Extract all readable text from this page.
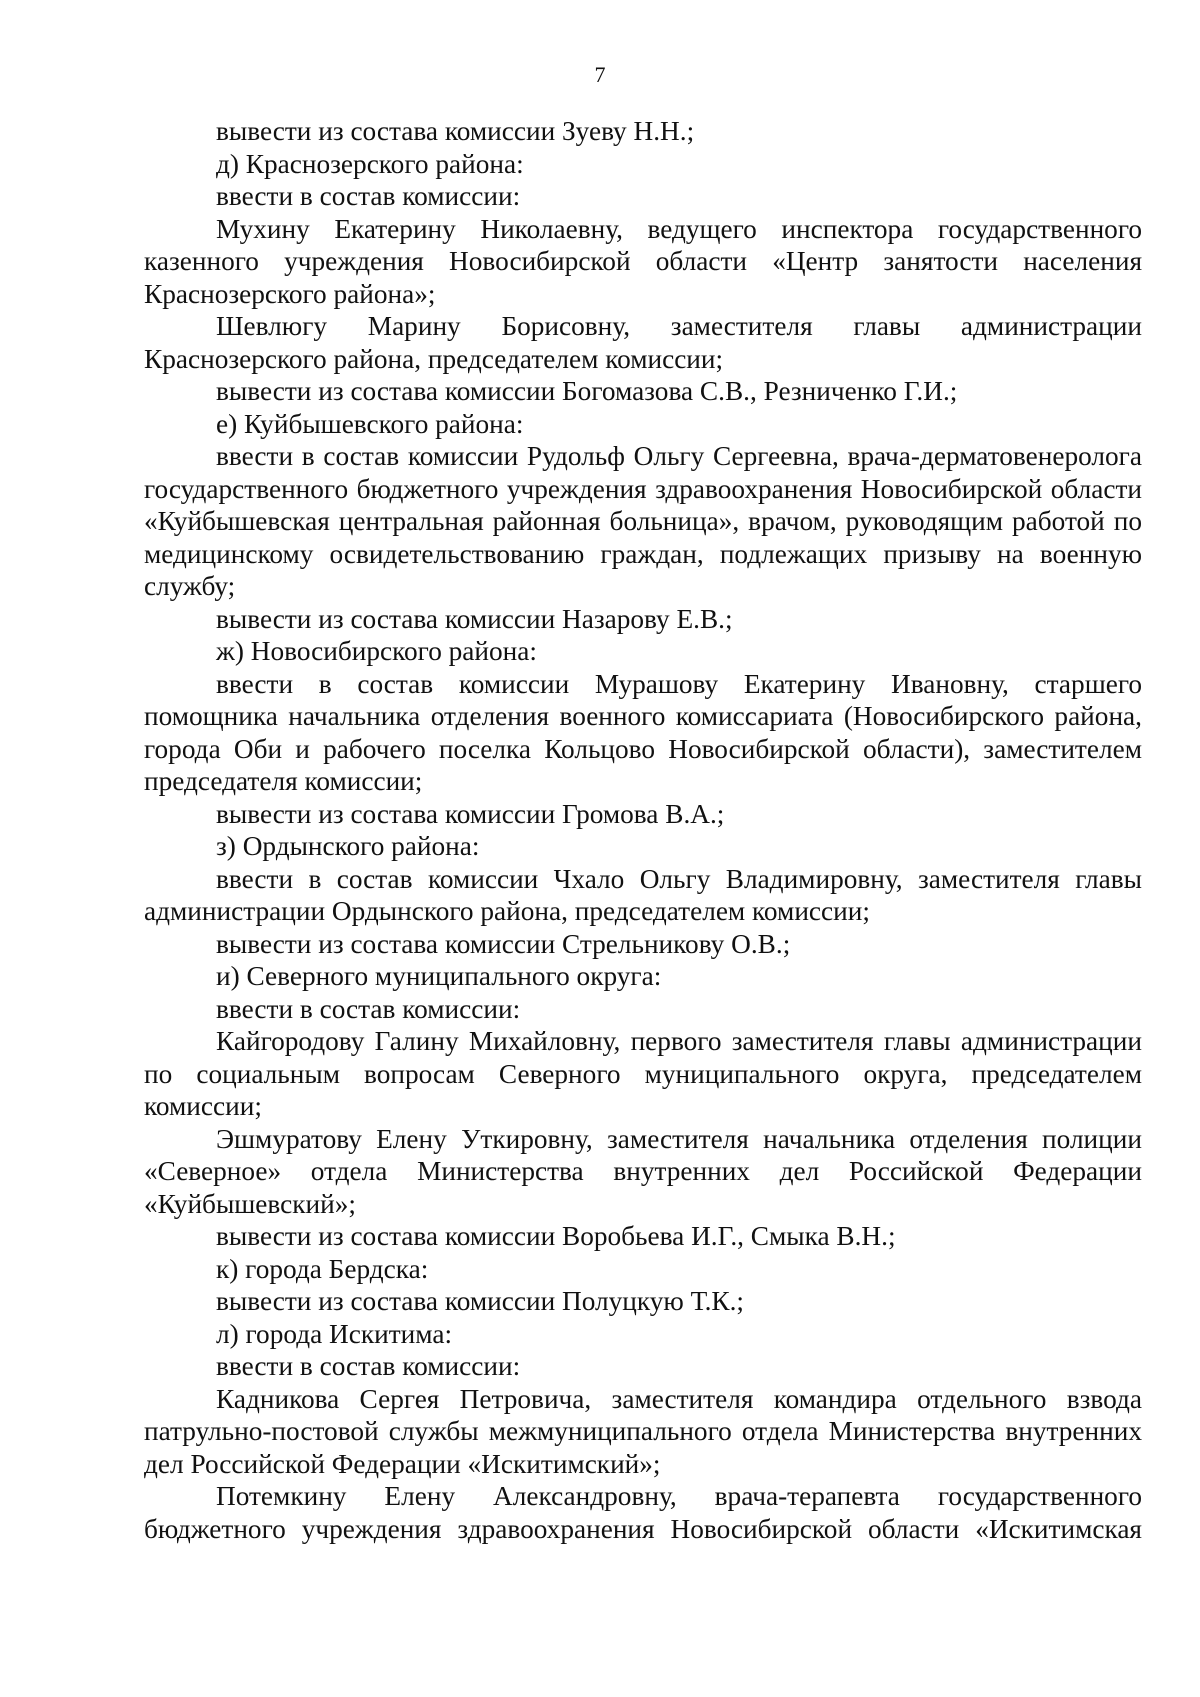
7

вывести из состава комиссии Зуеву Н.Н.;

д) Краснозерского района:

ввести в состав комиссии:

Мухину Екатерину Николаевну, ведущего инспектора государственного казенного учреждения Новосибирской области «Центр занятости населения Краснозерского района»;

Шевлюгу Марину Борисовну, заместителя главы администрации Краснозерского района, председателем комиссии;

вывести из состава комиссии Богомазова С.В., Резниченко Г.И.;

е) Куйбышевского района:

ввести в состав комиссии Рудольф Ольгу Сергеевна, врача-дерматовенеролога государственного бюджетного учреждения здравоохранения Новосибирской области «Куйбышевская центральная районная больница», врачом, руководящим работой по медицинскому освидетельствованию граждан, подлежащих призыву на военную службу;

вывести из состава комиссии Назарову Е.В.;

ж) Новосибирского района:

ввести в состав комиссии Мурашову Екатерину Ивановну, старшего помощника начальника отделения военного комиссариата (Новосибирского района, города Оби и рабочего поселка Кольцово Новосибирской области), заместителем председателя комиссии;

вывести из состава комиссии Громова В.А.;

з) Ордынского района:

ввести в состав комиссии Чхало Ольгу Владимировну, заместителя главы администрации Ордынского района, председателем комиссии;

вывести из состава комиссии Стрельникову О.В.;

и) Северного муниципального округа:

ввести в состав комиссии:

Кайгородову Галину Михайловну, первого заместителя главы администрации по социальным вопросам Северного муниципального округа, председателем комиссии;

Эшмуратову Елену Уткировну, заместителя начальника отделения полиции «Северное» отдела Министерства внутренних дел Российской Федерации «Куйбышевский»;

вывести из состава комиссии Воробьева И.Г., Смыка В.Н.;

к) города Бердска:

вывести из состава комиссии Полуцкую Т.К.;

л) города Искитима:

ввести в состав комиссии:

Кадникова Сергея Петровича, заместителя командира отдельного взвода патрульно-постовой службы межмуниципального отдела Министерства внутренних дел Российской Федерации «Искитимский»;

Потемкину Елену Александровну, врача-терапевта государственного бюджетного учреждения здравоохранения Новосибирской области «Искитимская
